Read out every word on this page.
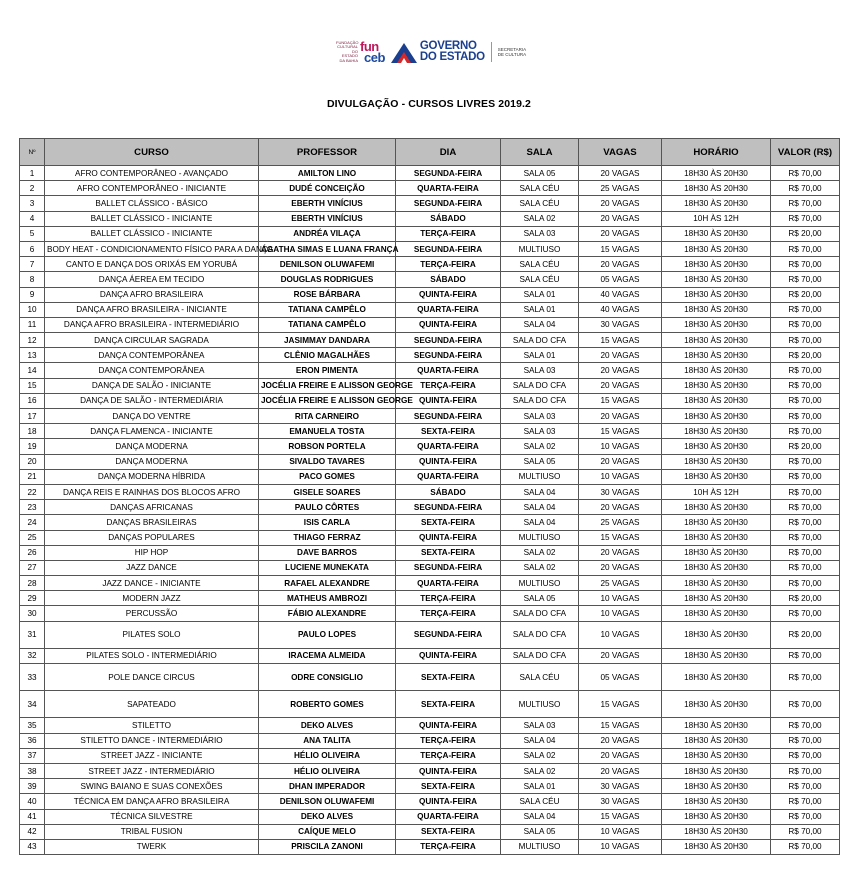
FUNDAÇÃO CULTURAL DO ESTADO DA BAHIA
fun
ceb
GOVERNO
DO ESTADO
SECRETARIA DE CULTURA
DIVULGAÇÃO - CURSOS LIVRES 2019.2
Nº	CURSO	PROFESSOR	DIA	SALA	VAGAS	HORÁRIO	VALOR (R$)
1	AFRO CONTEMPORÂNEO - AVANÇADO	AMILTON LINO	SEGUNDA-FEIRA	SALA 05	20 VAGAS	18H30 ÀS 20H30	R$ 70,00
2	AFRO CONTEMPORÂNEO - INICIANTE	DUDÉ CONCEIÇÃO	QUARTA-FEIRA	SALA CÉU	25 VAGAS	18H30 ÀS 20H30	R$ 70,00
3	BALLET CLÁSSICO - BÁSICO	EBERTH VINÍCIUS	SEGUNDA-FEIRA	SALA CÉU	20 VAGAS	18H30 ÀS 20H30	R$ 70,00
4	BALLET CLÁSSICO - INICIANTE	EBERTH VINÍCIUS	SÁBADO	SALA 02	20 VAGAS	10H ÀS 12H	R$ 70,00
5	BALLET CLÁSSICO - INICIANTE	ANDRÉA VILAÇA	TERÇA-FEIRA	SALA 03	20 VAGAS	18H30 ÀS 20H30	R$ 20,00
6	BODY HEAT - CONDICIONAMENTO FÍSICO PARA A DANÇA	ÁGATHA SIMAS E LUANA FRANÇA	SEGUNDA-FEIRA	MULTIUSO	15 VAGAS	18H30 ÀS 20H30	R$ 70,00
7	CANTO E DANÇA DOS ORIXÁS EM YORUBÁ	DENILSON OLUWAFEMI	TERÇA-FEIRA	SALA CÉU	20 VAGAS	18H30 ÀS 20H30	R$ 70,00
8	DANÇA ÁEREA EM TECIDO	DOUGLAS RODRIGUES	SÁBADO	SALA CÉU	05 VAGAS	18H30 ÀS 20H30	R$ 70,00
9	DANÇA AFRO BRASILEIRA	ROSE BÁRBARA	QUINTA-FEIRA	SALA 01	40 VAGAS	18H30 ÀS 20H30	R$ 20,00
10	DANÇA AFRO BRASILEIRA - INICIANTE	TATIANA CAMPÊLO	QUARTA-FEIRA	SALA 01	40 VAGAS	18H30 ÀS 20H30	R$ 70,00
11	DANÇA AFRO BRASILEIRA - INTERMEDIÁRIO	TATIANA CAMPÊLO	QUINTA-FEIRA	SALA 04	30 VAGAS	18H30 ÀS 20H30	R$ 70,00
12	DANÇA CIRCULAR SAGRADA	JASIMMAY DANDARA	SEGUNDA-FEIRA	SALA DO CFA	15 VAGAS	18H30 ÀS 20H30	R$ 70,00
13	DANÇA CONTEMPORÂNEA	CLÊNIO MAGALHÃES	SEGUNDA-FEIRA	SALA 01	20 VAGAS	18H30 ÀS 20H30	R$ 20,00
14	DANÇA CONTEMPORÂNEA	ERON PIMENTA	QUARTA-FEIRA	SALA 03	20 VAGAS	18H30 ÀS 20H30	R$ 70,00
15	DANÇA DE SALÃO - INICIANTE	JOCÉLIA FREIRE E ALISSON GEORGE	TERÇA-FEIRA	SALA DO CFA	20 VAGAS	18H30 ÀS 20H30	R$ 70,00
16	DANÇA DE SALÃO - INTERMEDIÁRIA	JOCÉLIA FREIRE E ALISSON GEORGE	QUINTA-FEIRA	SALA DO CFA	15 VAGAS	18H30 ÀS 20H30	R$ 70,00
17	DANÇA DO VENTRE	RITA CARNEIRO	SEGUNDA-FEIRA	SALA 03	20 VAGAS	18H30 ÀS 20H30	R$ 70,00
18	DANÇA FLAMENCA - INICIANTE	EMANUELA TOSTA	SEXTA-FEIRA	SALA 03	15 VAGAS	18H30 ÀS 20H30	R$ 70,00
19	DANÇA MODERNA	ROBSON PORTELA	QUARTA-FEIRA	SALA 02	10 VAGAS	18H30 ÀS 20H30	R$ 20,00
20	DANÇA MODERNA	SIVALDO TAVARES	QUINTA-FEIRA	SALA 05	20 VAGAS	18H30 ÀS 20H30	R$ 70,00
21	DANÇA MODERNA HÍBRIDA	PACO GOMES	QUARTA-FEIRA	MULTIUSO	10 VAGAS	18H30 ÀS 20H30	R$ 70,00
22	DANÇA REIS E RAINHAS DOS BLOCOS AFRO	GISELE SOARES	SÁBADO	SALA 04	30 VAGAS	10H ÀS 12H	R$ 70,00
23	DANÇAS AFRICANAS	PAULO CÔRTES	SEGUNDA-FEIRA	SALA 04	20 VAGAS	18H30 ÀS 20H30	R$ 70,00
24	DANÇAS BRASILEIRAS	ISIS CARLA	SEXTA-FEIRA	SALA 04	25 VAGAS	18H30 ÀS 20H30	R$ 70,00
25	DANÇAS POPULARES	THIAGO FERRAZ	QUINTA-FEIRA	MULTIUSO	15 VAGAS	18H30 ÀS 20H30	R$ 70,00
26	HIP HOP	DAVE BARROS	SEXTA-FEIRA	SALA 02	20 VAGAS	18H30 ÀS 20H30	R$ 70,00
27	JAZZ DANCE	LUCIENE MUNEKATA	SEGUNDA-FEIRA	SALA 02	20 VAGAS	18H30 ÀS 20H30	R$ 70,00
28	JAZZ DANCE - INICIANTE	RAFAEL ALEXANDRE	QUARTA-FEIRA	MULTIUSO	25 VAGAS	18H30 ÀS 20H30	R$ 70,00
29	MODERN JAZZ	MATHEUS AMBROZI	TERÇA-FEIRA	SALA 05	10 VAGAS	18H30 ÀS 20H30	R$ 20,00
30	PERCUSSÃO	FÁBIO ALEXANDRE	TERÇA-FEIRA	SALA DO CFA	10 VAGAS	18H30 ÀS 20H30	R$ 70,00
31	PILATES SOLO	PAULO LOPES	SEGUNDA-FEIRA	SALA DO CFA	10 VAGAS	18H30 ÀS 20H30	R$ 20,00
32	PILATES SOLO - INTERMEDIÁRIO	IRACEMA ALMEIDA	QUINTA-FEIRA	SALA DO CFA	20 VAGAS	18H30 ÀS 20H30	R$ 70,00
33	POLE DANCE CIRCUS	ODRE CONSIGLIO	SEXTA-FEIRA	SALA CÉU	05 VAGAS	18H30 ÀS 20H30	R$ 70,00
34	SAPATEADO	ROBERTO GOMES	SEXTA-FEIRA	MULTIUSO	15 VAGAS	18H30 ÀS 20H30	R$ 70,00
35	STILETTO	DEKO ALVES	QUINTA-FEIRA	SALA 03	15 VAGAS	18H30 ÀS 20H30	R$ 70,00
36	STILETTO DANCE - INTERMEDIÁRIO	ANA TALITA	TERÇA-FEIRA	SALA 04	20 VAGAS	18H30 ÀS 20H30	R$ 70,00
37	STREET JAZZ - INICIANTE	HÉLIO OLIVEIRA	TERÇA-FEIRA	SALA 02	20 VAGAS	18H30 ÀS 20H30	R$ 70,00
38	STREET JAZZ - INTERMEDIÁRIO	HÉLIO OLIVEIRA	QUINTA-FEIRA	SALA 02	20 VAGAS	18H30 ÀS 20H30	R$ 70,00
39	SWING BAIANO E SUAS CONEXÕES	DHAN IMPERADOR	SEXTA-FEIRA	SALA 01	30 VAGAS	18H30 ÀS 20H30	R$ 70,00
40	TÉCNICA EM DANÇA AFRO BRASILEIRA	DENILSON OLUWAFEMI	QUINTA-FEIRA	SALA CÉU	30 VAGAS	18H30 ÀS 20H30	R$ 70,00
41	TÉCNICA SILVESTRE	DEKO ALVES	QUARTA-FEIRA	SALA 04	15 VAGAS	18H30 ÀS 20H30	R$ 70,00
42	TRIBAL FUSION	CAÍQUE MELO	SEXTA-FEIRA	SALA 05	10 VAGAS	18H30 ÀS 20H30	R$ 70,00
43	TWERK	PRISCILA ZANONI	TERÇA-FEIRA	MULTIUSO	10 VAGAS	18H30 ÀS 20H30	R$ 70,00
